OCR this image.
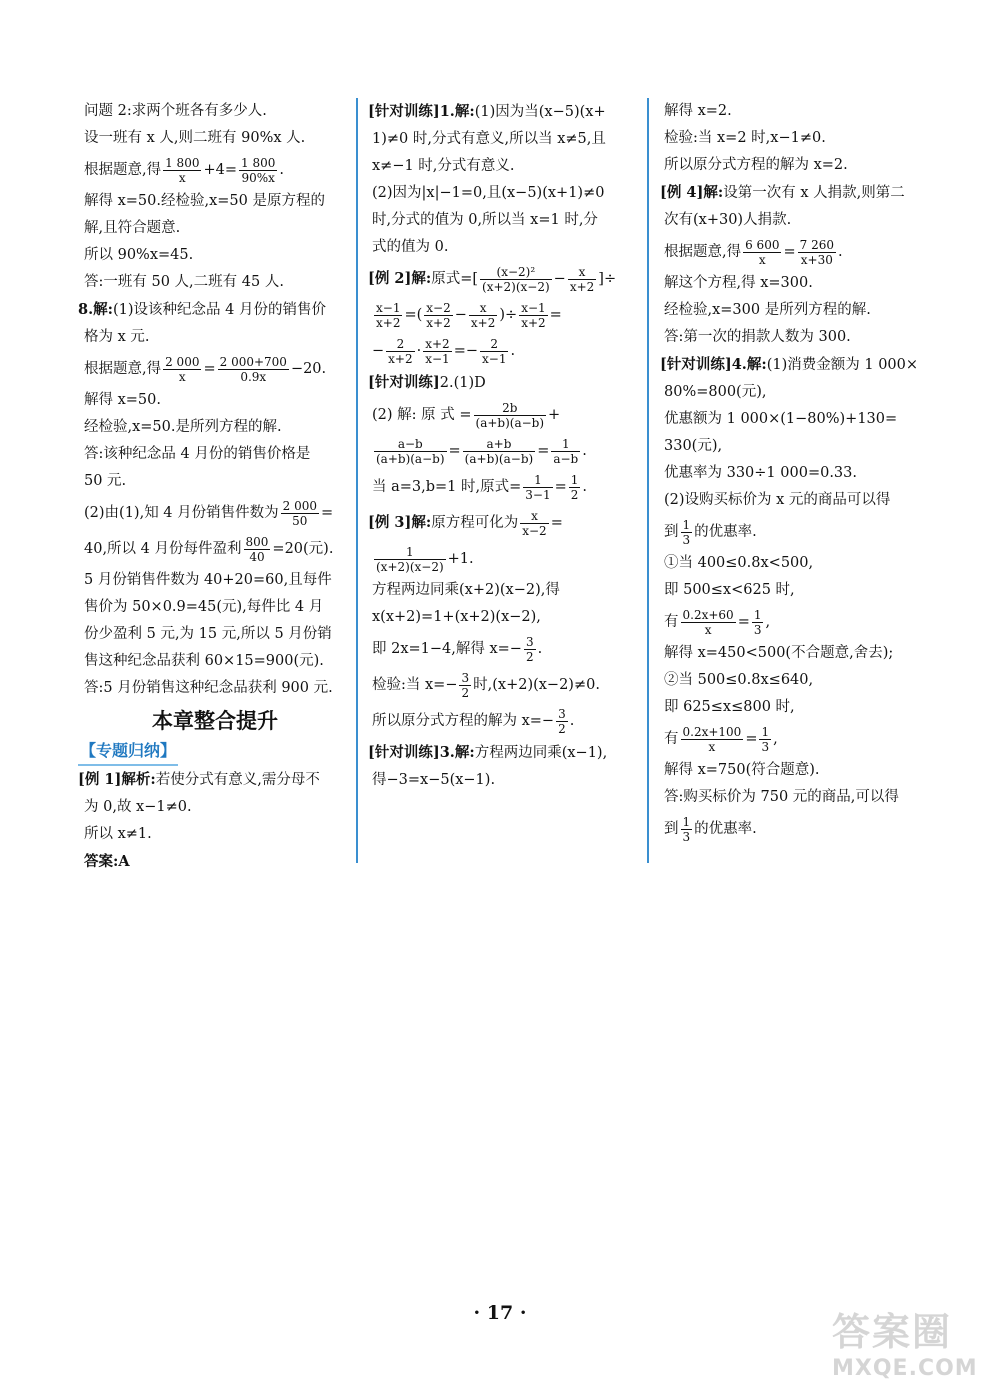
问题 2:求两个班各有多少人.
设一班有 x 人,则二班有 90%x 人.
根据题意,得 $\frac{1 800}{x} +4= \frac{1 800}{90\%x}$ .
解得 x=50.经检验,x=50 是原方程的
解,且符合题意.
所以 90%x=45.
答:一班有 50 人,二班有 45 人.
8.解:(1)设该种纪念品 4 月份的销售价
格为 x 元.
根据题意,得 $\frac{2 000}{x} = \frac{2 000+700}{0.9x} -20$.
解得 x=50.
经检验,x=50.是所列方程的解.
答:该种纪念品 4 月份的销售价格是
50 元.
(2)由(1),知 4 月份销售件数为 $\frac{2 000}{50}$ =
40,所以 4 月份每件盈利 $\frac{800}{40} =20$(元).
5 月份销售件数为 40+20=60,且每件
售价为 50×0.9=45(元),每件比 4 月
份少盈利 5 元,为 15 元,所以 5 月份销
售这种纪念品获利 60×15=900(元).
答:5 月份销售这种纪念品获利 900 元.
本章整合提升
【专题归纳】
[例 1]解析:若使分式有意义,需分母不
为 0,故 x−1≠0.
所以 x≠1.
答案:A
[针对训练]1.解:(1)因为当(x−5)(x+
1)≠0 时,分式有意义,所以当 x≠5,且
x≠−1 时,分式有意义.
(2)因为|x|−1=0,且(x−5)(x+1)≠0
时,分式的值为 0,所以当 x=1 时,分
式的值为 0.
[例 2]解:原式=[ $\frac{\text{(x−2)²}}{(x+2)(x-2)} - \frac{x}{x+2}$ ]÷
$\frac{x-1}{x+2}$ =( $\frac{x-2}{x+2} - \frac{x}{x+2}$ )÷ $\frac{x-1}{x+2}$ =
− $\frac{2}{x+2} \cdot \frac{x+2}{x-1} =- \frac{2}{x-1}$ .
[针对训练]2.(1)D
(2) 解: 原 式 = $\frac{2b}{(a+b)(a-b)}$ +
$\frac{a-b}{(a+b)(a-b)} = \frac{a+b}{(a+b)(a-b)} = \frac{1}{a-b}$ .
当 a=3,b=1 时,原式= $\frac{1}{3-1} = \frac{1}{2}$ .
[例 3]解:原方程可化为 $\frac{x}{x-2}$ =
$\frac{1}{(x+2)(x-2)} +1$.
方程两边同乘(x+2)(x−2),得
x(x+2)=1+(x+2)(x−2),
即 2x=1−4,解得 $x=- \frac{3}{2}$ .
检验:当 $x=- \frac{3}{2}$ 时,(x+2)(x−2)≠0.
所以原分式方程的解为 $x=- \frac{3}{2}$ .
[针对训练]3.解:方程两边同乘(x−1),
得−3=x−5(x−1).
解得 x=2.
检验:当 x=2 时,x−1≠0.
所以原分式方程的解为 x=2.
[例 4]解:设第一次有 x 人捐款,则第二
次有(x+30)人捐款.
根据题意,得 $\frac{6 600}{x} = \frac{7 260}{x+30}$ .
解这个方程,得 x=300.
经检验,x=300 是所列方程的解.
答:第一次的捐款人数为 300.
[针对训练]4.解:(1)消费金额为 1 000×
80%=800(元),
优惠额为 1 000×(1−80%)+130=
330(元),
优惠率为 330÷1 000=0.33.
(2)设购买标价为 x 元的商品可以得
到 $\frac{1}{3}$ 的优惠率.
①当 400≤0.8x<500,
即 500≤x<625 时,
有 $\frac{0.2x+60}{x} = \frac{1}{3}$ ,
解得 x=450<500(不合题意,舍去);
②当 500≤0.8x≤640,
即 625≤x≤800 时,
有 $\frac{0.2x+100}{x} = \frac{1}{3}$ ,
解得 x=750(符合题意).
答:购买标价为 750 元的商品,可以得
到 $\frac{1}{3}$ 的优惠率.
· 17 ·	答案圈
MXQE.COM
